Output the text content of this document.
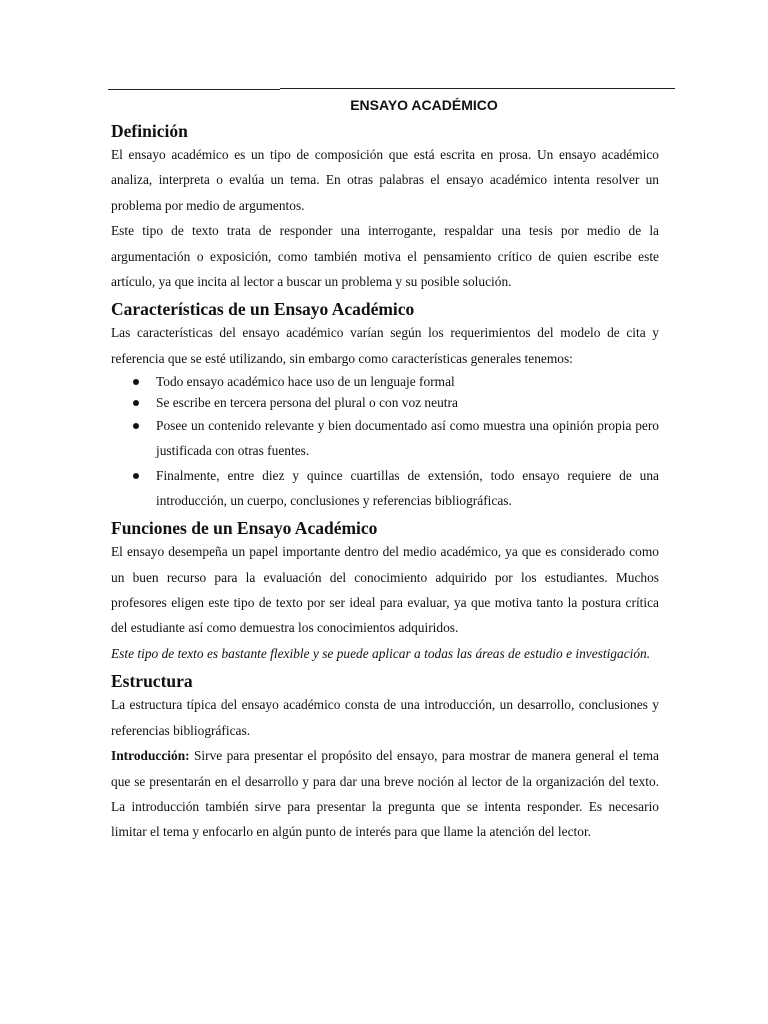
ENSAYO ACADÉMICO
Definición

El ensayo académico es un tipo de composición que está escrita en prosa. Un ensayo académico analiza, interpreta o evalúa un tema. En otras palabras el ensayo académico intenta resolver un problema por medio de argumentos.

Este tipo de texto trata de responder una interrogante, respaldar una tesis por medio de la argumentación o exposición, como también motiva el pensamiento crítico de quien escribe este artículo, ya que incita al lector a buscar un problema y su posible solución.

Características de un Ensayo Académico

Las características del ensayo académico varían según los requerimientos del modelo de cita y referencia que se esté utilizando, sin embargo como características generales tenemos:

Todo ensayo académico hace uso de un lenguaje formal
Se escribe en tercera persona del plural o con voz neutra
Posee un contenido relevante y bien documentado así como muestra una opinión propia pero justificada con otras fuentes.
Finalmente, entre diez y quince cuartillas de extensión, todo ensayo requiere de una introducción, un cuerpo, conclusiones y referencias bibliográficas.
Funciones de un Ensayo Académico

El ensayo desempeña un papel importante dentro del medio académico, ya que es considerado como un buen recurso para la evaluación del conocimiento adquirido por los estudiantes. Muchos profesores eligen este tipo de texto por ser ideal para evaluar, ya que motiva tanto la postura crítica del estudiante así como demuestra los conocimientos adquiridos.

Este tipo de texto es bastante flexible y se puede aplicar a todas las áreas de estudio e investigación.

Estructura

La estructura típica del ensayo académico consta de una introducción, un desarrollo, conclusiones y referencias bibliográficas.

Introducción: Sirve para presentar el propósito del ensayo, para mostrar de manera general el tema que se presentarán en el desarrollo y para dar una breve noción al lector de la organización del texto. La introducción también sirve para presentar la pregunta que se intenta responder. Es necesario limitar el tema y enfocarlo en algún punto de interés para que llame la atención del lector.
